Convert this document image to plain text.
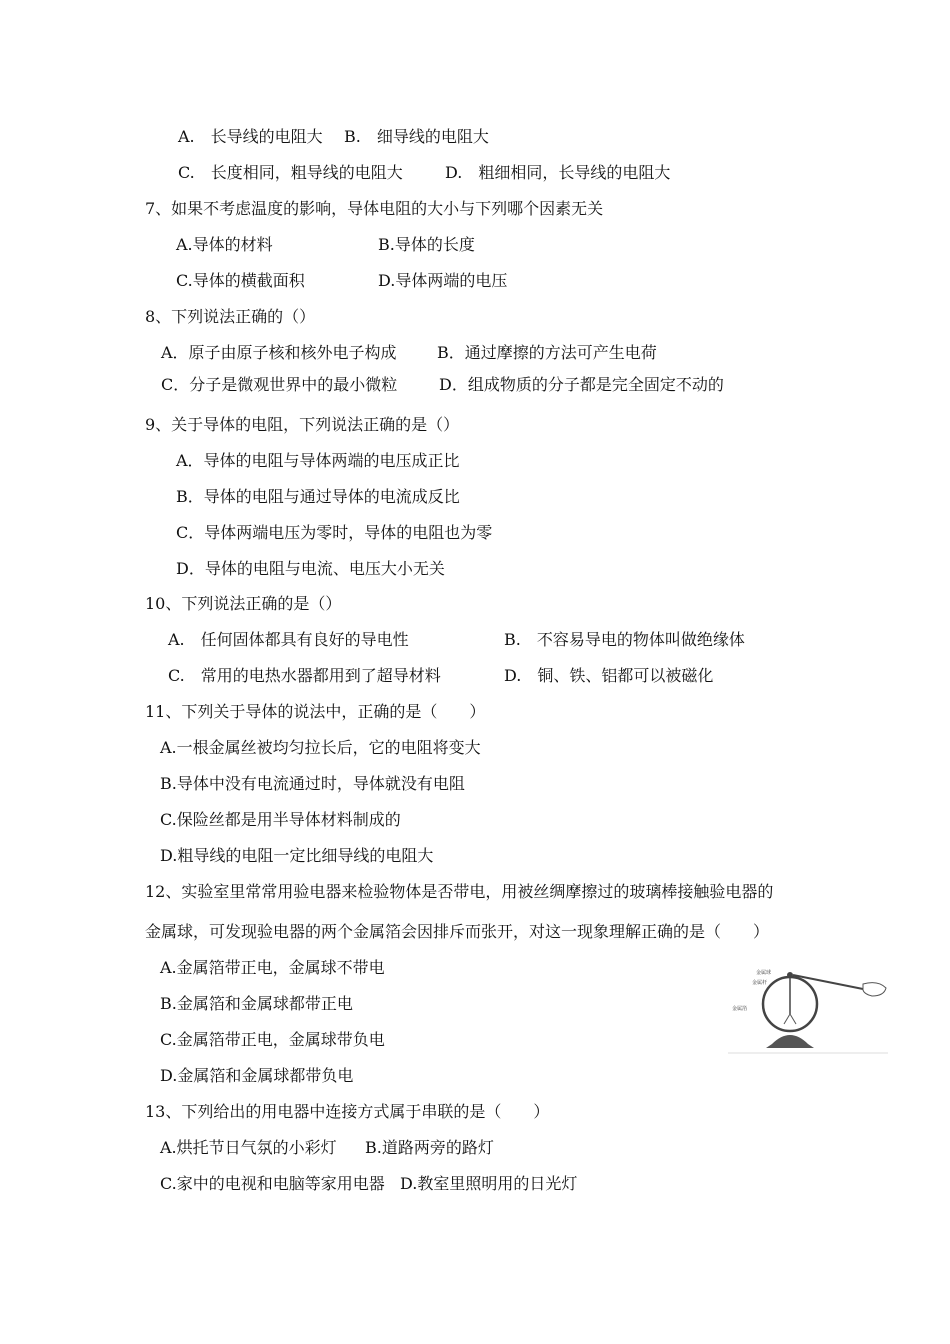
A.　长导线的电阻大 B.　细导线的电阻大
C.　长度相同，粗导线的电阻大	D.　粗细相同，长导线的电阻大
7、如果不考虑温度的影响，导体电阻的大小与下列哪个因素无关
A.导体的材料	B.导体的长度
C.导体的横截面积	D.导体两端的电压
8、下列说法正确的（）
A．原子由原子核和核外电子构成	B．通过摩擦的方法可产生电荷
C．分子是微观世界中的最小微粒	D．组成物质的分子都是完全固定不动的
9、关于导体的电阻，下列说法正确的是（）
A．导体的电阻与导体两端的电压成正比
B．导体的电阻与通过导体的电流成反比
C．导体两端电压为零时，导体的电阻也为零
D．导体的电阻与电流、电压大小无关
10、下列说法正确的是（）
A.　任何固体都具有良好的导电性	B.　不容易导电的物体叫做绝缘体
C.　常用的电热水器都用到了超导材料	D.　铜、铁、铝都可以被磁化
11、下列关于导体的说法中，正确的是（　　）
A.一根金属丝被均匀拉长后，它的电阻将变大
B.导体中没有电流通过时，导体就没有电阻
C.保险丝都是用半导体材料制成的
D.粗导线的电阻一定比细导线的电阻大
12、实验室里常常用验电器来检验物体是否带电，用被丝绸摩擦过的玻璃棒接触验电器的
金属球，可发现验电器的两个金属箔会因排斥而张开，对这一现象理解正确的是（　　）
A.金属箔带正电，金属球不带电
B.金属箔和金属球都带正电
C.金属箔带正电，金属球带负电
D.金属箔和金属球都带负电
金属球
金属杆
金属箔
13、下列给出的用电器中连接方式属于串联的是（　　）
A.烘托节日气氛的小彩灯 B.道路两旁的路灯
C.家中的电视和电脑等家用电器 D.教室里照明用的日光灯
